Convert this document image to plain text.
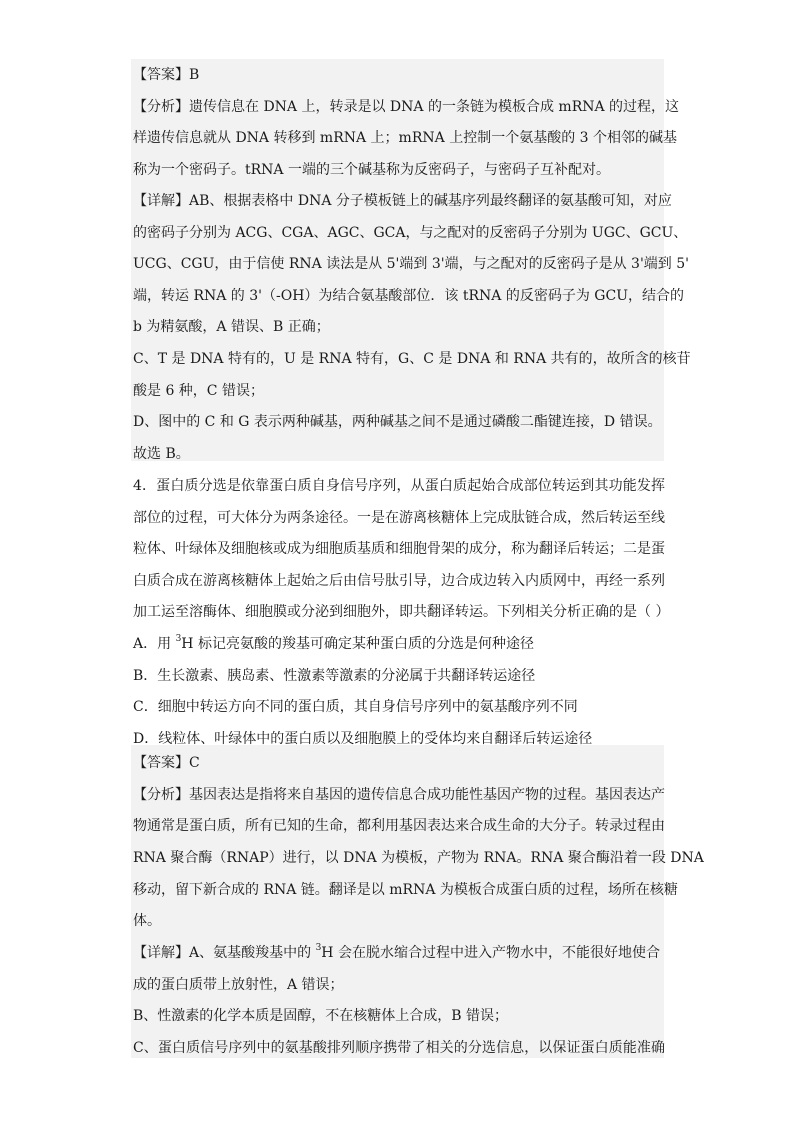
【答案】B
【分析】遗传信息在 DNA 上，转录是以 DNA 的一条链为模板合成 mRNA 的过程，这
样遗传信息就从 DNA 转移到 mRNA 上；mRNA 上控制一个氨基酸的 3 个相邻的碱基
称为一个密码子。tRNA 一端的三个碱基称为反密码子，与密码子互补配对。
【详解】AB、根据表格中 DNA 分子模板链上的碱基序列最终翻译的氨基酸可知，对应
的密码子分别为 ACG、CGA、AGC、GCA，与之配对的反密码子分别为 UGC、GCU、
UCG、CGU，由于信使 RNA 读法是从 5'端到 3'端，与之配对的反密码子是从 3'端到 5'
端，转运 RNA 的 3'（-OH）为结合氨基酸部位．该 tRNA 的反密码子为 GCU，结合的
b 为精氨酸，A 错误、B 正确；
C、T 是 DNA 特有的，U 是 RNA 特有，G、C 是 DNA 和 RNA 共有的，故所含的核苷
酸是 6 种，C 错误；
D、图中的 C 和 G 表示两种碱基，两种碱基之间不是通过磷酸二酯键连接，D 错误。
故选 B。
4．蛋白质分选是依靠蛋白质自身信号序列，从蛋白质起始合成部位转运到其功能发挥
部位的过程，可大体分为两条途径。一是在游离核糖体上完成肽链合成，然后转运至线
粒体、叶绿体及细胞核或成为细胞质基质和细胞骨架的成分，称为翻译后转运；二是蛋
白质合成在游离核糖体上起始之后由信号肽引导，边合成边转入内质网中，再经一系列
加工运至溶酶体、细胞膜或分泌到细胞外，即共翻译转运。下列相关分析正确的是（ ）
A．用 $^3$H 标记亮氨酸的羧基可确定某种蛋白质的分选是何种途径
B．生长激素、胰岛素、性激素等激素的分泌属于共翻译转运途径
C．细胞中转运方向不同的蛋白质，其自身信号序列中的氨基酸序列不同
D．线粒体、叶绿体中的蛋白质以及细胞膜上的受体均来自翻译后转运途径
【答案】C
【分析】基因表达是指将来自基因的遗传信息合成功能性基因产物的过程。基因表达产
物通常是蛋白质，所有已知的生命，都利用基因表达来合成生命的大分子。转录过程由
RNA 聚合酶（RNAP）进行，以 DNA 为模板，产物为 RNA。RNA 聚合酶沿着一段 DNA
移动，留下新合成的 RNA 链。翻译是以 mRNA 为模板合成蛋白质的过程，场所在核糖
体。
【详解】A、氨基酸羧基中的 $^3$H 会在脱水缩合过程中进入产物水中，不能很好地使合
成的蛋白质带上放射性，A 错误；
B、性激素的化学本质是固醇，不在核糖体上合成，B 错误；
C、蛋白质信号序列中的氨基酸排列顺序携带了相关的分选信息，以保证蛋白质能准确
